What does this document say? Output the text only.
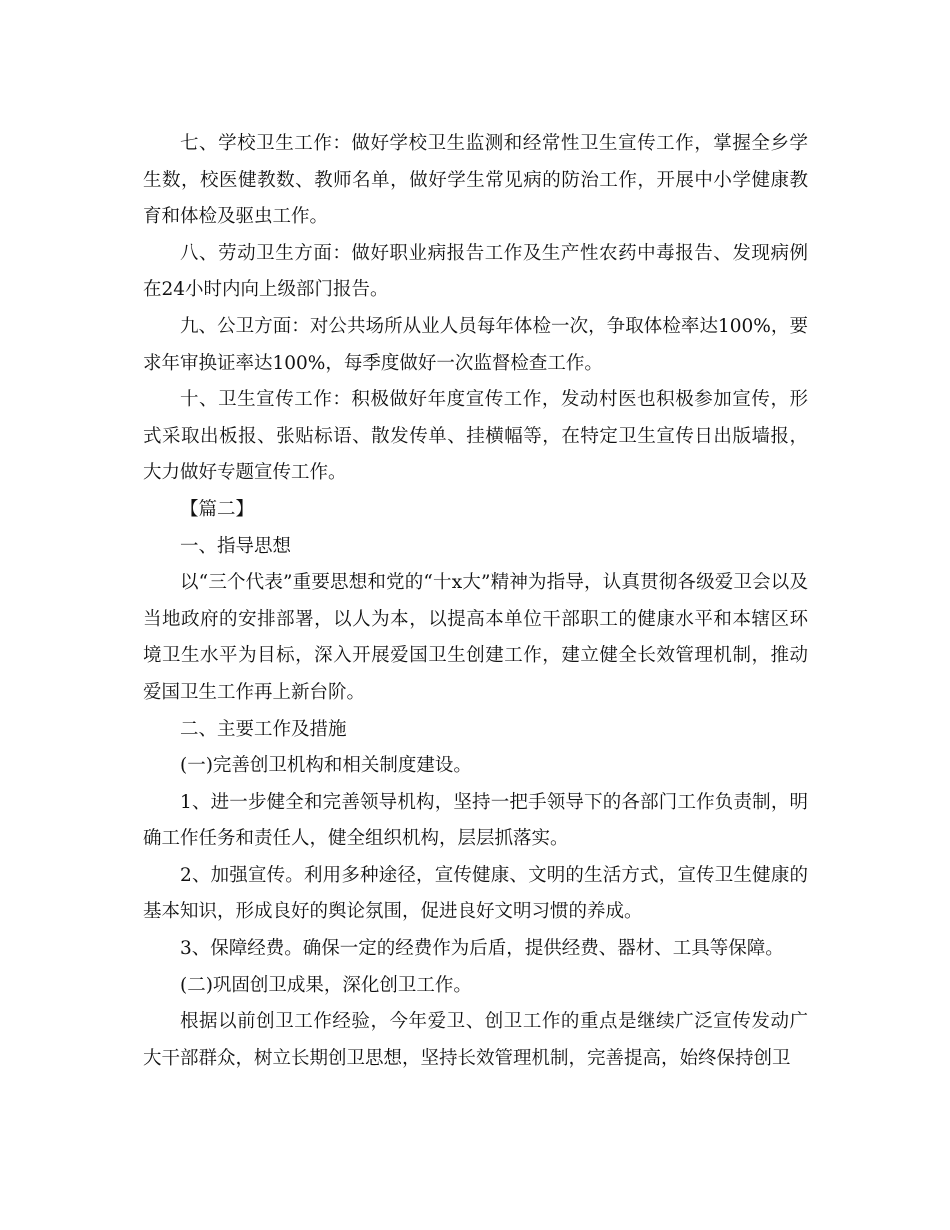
七、学校卫生工作：做好学校卫生监测和经常性卫生宣传工作，掌握全乡学生数，校医健教数、教师名单，做好学生常见病的防治工作，开展中小学健康教育和体检及驱虫工作。

八、劳动卫生方面：做好职业病报告工作及生产性农药中毒报告、发现病例在24小时内向上级部门报告。

九、公卫方面：对公共场所从业人员每年体检一次，争取体检率达100%，要求年审换证率达100%，每季度做好一次监督检查工作。

十、卫生宣传工作：积极做好年度宣传工作，发动村医也积极参加宣传，形式采取出板报、张贴标语、散发传单、挂横幅等，在特定卫生宣传日出版墙报，大力做好专题宣传工作。

【篇二】

一、指导思想

以“三个代表”重要思想和党的“十x大”精神为指导，认真贯彻各级爱卫会以及当地政府的安排部署，以人为本，以提高本单位干部职工的健康水平和本辖区环境卫生水平为目标，深入开展爱国卫生创建工作，建立健全长效管理机制，推动爱国卫生工作再上新台阶。

二、主要工作及措施

(一)完善创卫机构和相关制度建设。

1、进一步健全和完善领导机构，坚持一把手领导下的各部门工作负责制，明确工作任务和责任人，健全组织机构，层层抓落实。

2、加强宣传。利用多种途径，宣传健康、文明的生活方式，宣传卫生健康的基本知识，形成良好的舆论氛围，促进良好文明习惯的养成。

3、保障经费。确保一定的经费作为后盾，提供经费、器材、工具等保障。

(二)巩固创卫成果，深化创卫工作。

根据以前创卫工作经验，今年爱卫、创卫工作的重点是继续广泛宣传发动广大干部群众，树立长期创卫思想，坚持长效管理机制，完善提高，始终保持创卫
